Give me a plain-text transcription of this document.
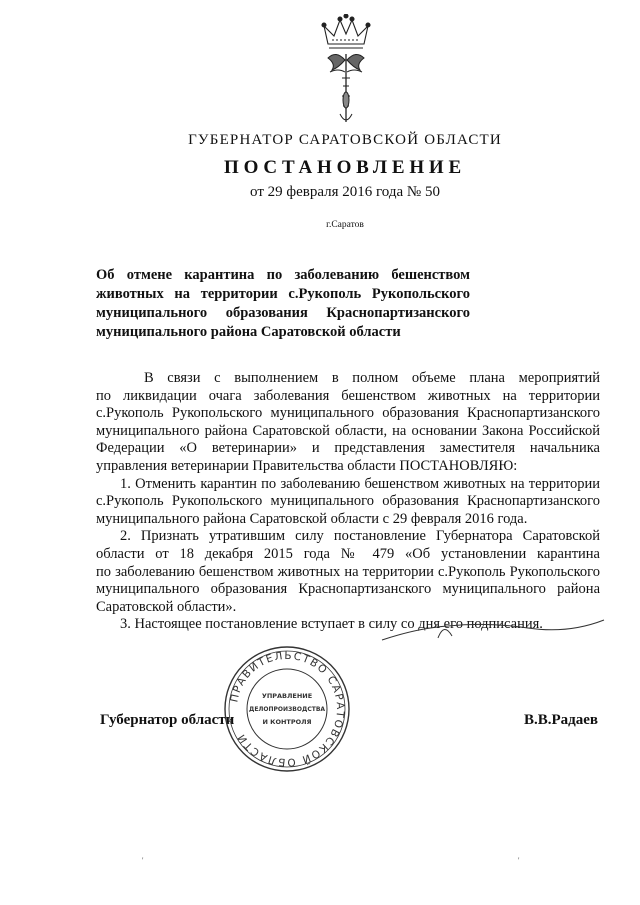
ГУБЕРНАТОР САРАТОВСКОЙ ОБЛАСТИ
ПОСТАНОВЛЕНИЕ
от 29 февраля 2016 года № 50
г.Саратов
Об отмене карантина по заболеванию бешенством
животных на территории с.Рукополь Рукопольского
муниципального образования Краснопартизанского
муниципального района Саратовской области
В связи с выполнением в полном объеме плана мероприятий
по ликвидации очага заболевания бешенством животных на территории
с.Рукополь Рукопольского муниципального образования Краснопартизанского
муниципального района Саратовской области, на основании Закона Российской
Федерации «О ветеринарии» и представления заместителя начальника
управления ветеринарии Правительства области ПОСТАНОВЛЯЮ:
1. Отменить карантин по заболеванию бешенством животных на территории
с.Рукополь Рукопольского муниципального образования Краснопартизанского
муниципального района Саратовской области с 29 февраля 2016 года.
2. Признать утратившим силу постановление Губернатора Саратовской
области от 18 декабря 2015 года № 479 «Об установлении карантина
по заболеванию бешенством животных на территории с.Рукополь Рукопольского
муниципального образования Краснопартизанского муниципального района
Саратовской области».
3. Настоящее постановление вступает в силу со дня его подписания.
Губернатор области	В.В.Радаев
ПРАВИТЕЛЬСТВО САРАТОВСКОЙ ОБЛАСТИ
УПРАВЛЕНИЕ
ДЕЛОПРОИЗВОДСТВА
И КОНТРОЛЯ
'	'
